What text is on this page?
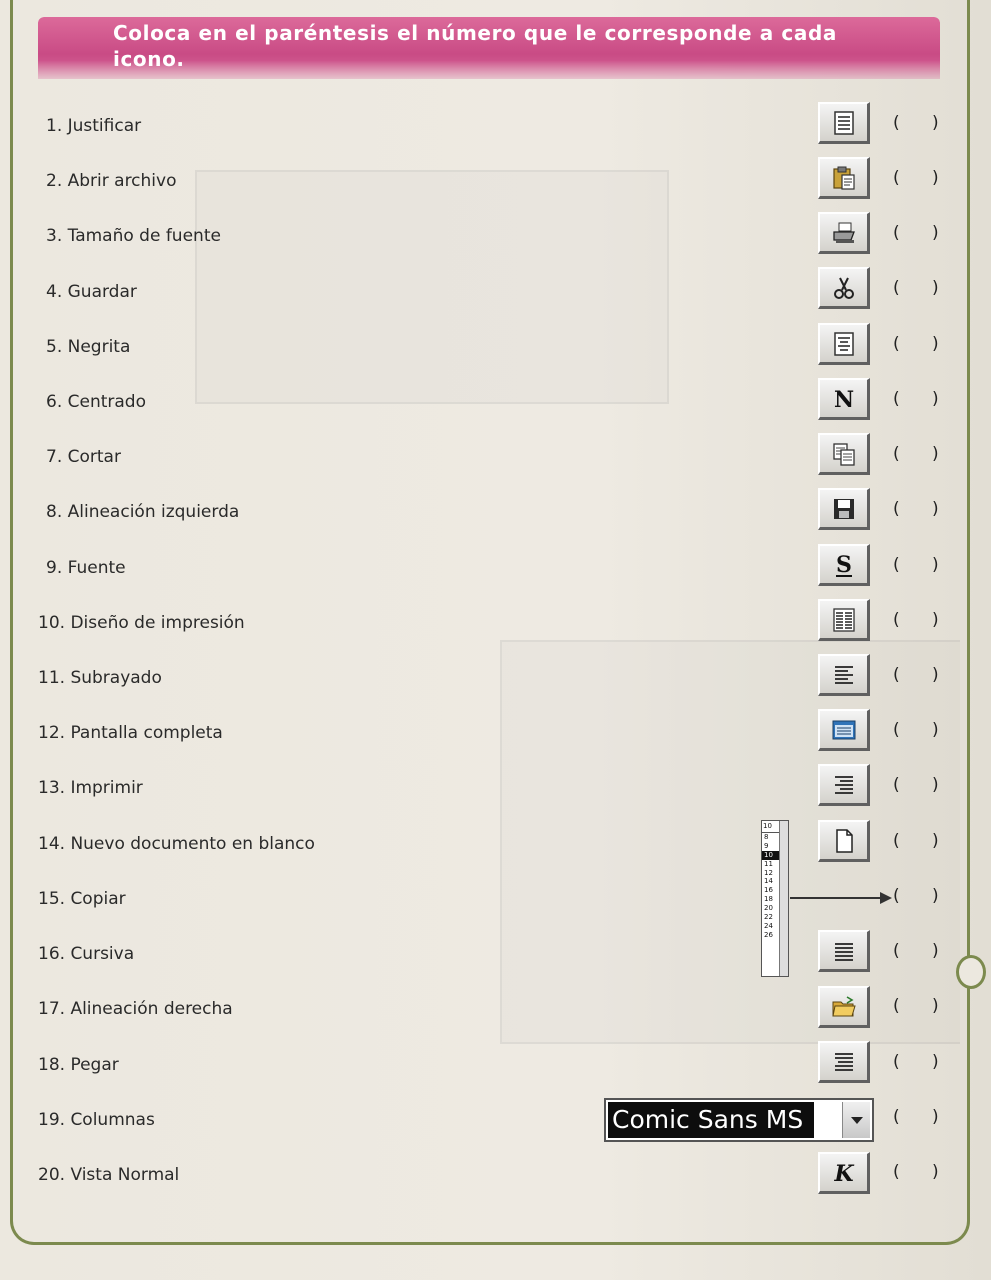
Coloca en el paréntesis el número que le corresponde a cada icono.
1. Justificar
2. Abrir archivo
3. Tamaño de fuente
4. Guardar
5. Negrita
6. Centrado
7. Cortar
8. Alineación izquierda
9. Fuente
10. Diseño de impresión
11. Subrayado
12. Pantalla completa
13. Imprimir
14. Nuevo documento en blanco
15. Copiar
16. Cursiva
17. Alineación derecha
18. Pegar
19. Columnas
20. Vista Normal
N
S
K
10
8
9
10
11
12
14
16
18
20
22
24
26
Comic Sans MS
(      )
(      )
(      )
(      )
(      )
(      )
(      )
(      )
(      )
(      )
(      )
(      )
(      )
(      )
(      )
(      )
(      )
(      )
(      )
(      )
